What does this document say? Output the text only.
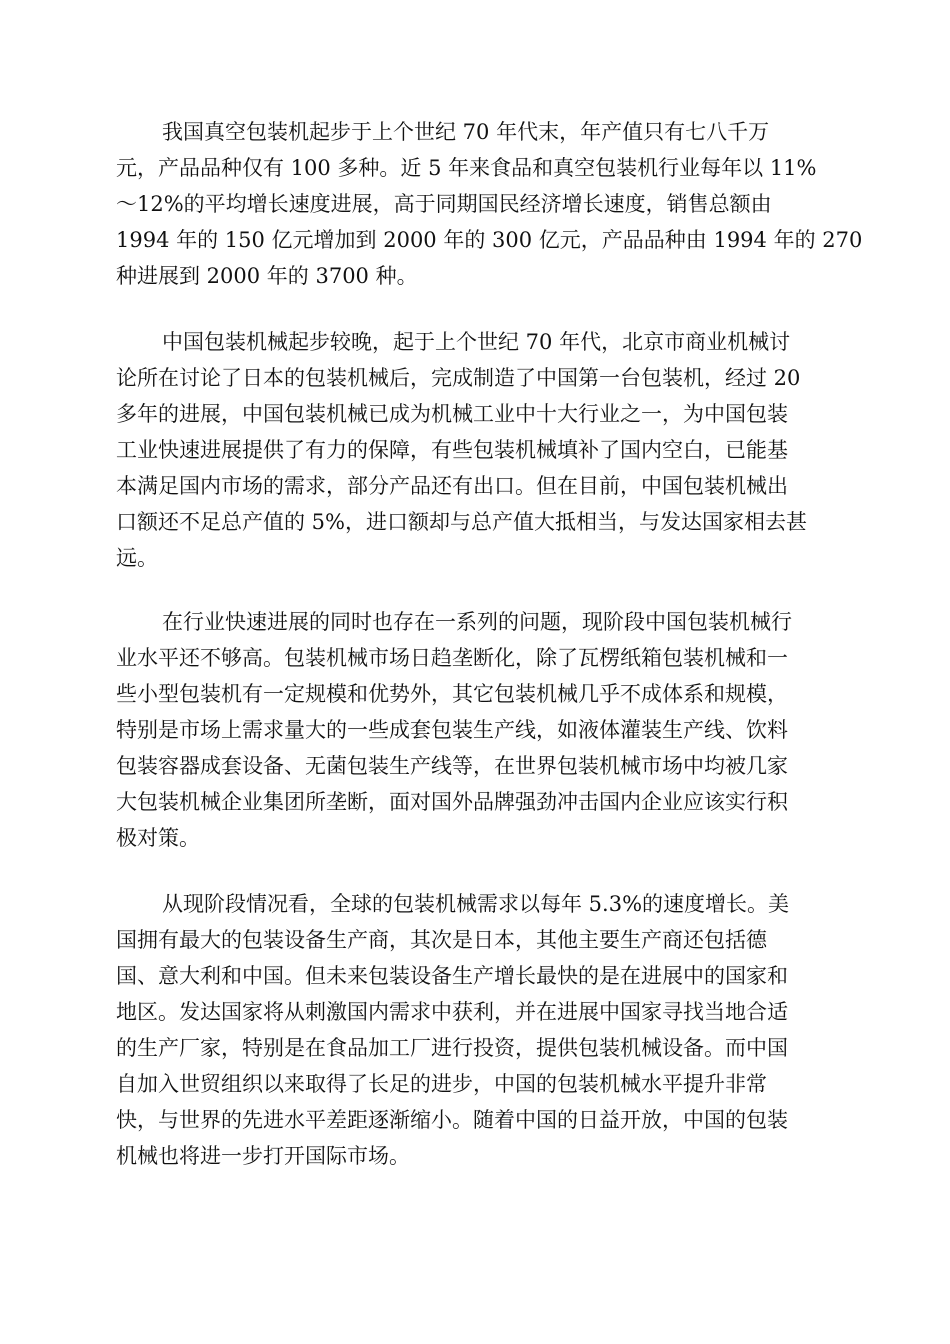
我国真空包装机起步于上个世纪 70 年代末，年产值只有七八千万
元，产品品种仅有 100 多种。近 5 年来食品和真空包装机行业每年以 11%
～12%的平均增长速度进展，高于同期国民经济增长速度，销售总额由
1994 年的 150 亿元增加到 2000 年的 300 亿元，产品品种由 1994 年的 270
种进展到 2000 年的 3700 种。
中国包装机械起步较晚，起于上个世纪 70 年代，北京市商业机械讨
论所在讨论了日本的包装机械后，完成制造了中国第一台包装机，经过 20
多年的进展，中国包装机械已成为机械工业中十大行业之一，为中国包装
工业快速进展提供了有力的保障，有些包装机械填补了国内空白，已能基
本满足国内市场的需求，部分产品还有出口。但在目前，中国包装机械出
口额还不足总产值的 5%，进口额却与总产值大抵相当，与发达国家相去甚
远。
在行业快速进展的同时也存在一系列的问题，现阶段中国包装机械行
业水平还不够高。包装机械市场日趋垄断化，除了瓦楞纸箱包装机械和一
些小型包装机有一定规模和优势外，其它包装机械几乎不成体系和规模，
特别是市场上需求量大的一些成套包装生产线，如液体灌装生产线、饮料
包装容器成套设备、无菌包装生产线等，在世界包装机械市场中均被几家
大包装机械企业集团所垄断，面对国外品牌强劲冲击国内企业应该实行积
极对策。
从现阶段情况看，全球的包装机械需求以每年 5.3%的速度增长。美
国拥有最大的包装设备生产商，其次是日本，其他主要生产商还包括德
国、意大利和中国。但未来包装设备生产增长最快的是在进展中的国家和
地区。发达国家将从刺激国内需求中获利，并在进展中国家寻找当地合适
的生产厂家，特别是在食品加工厂进行投资，提供包装机械设备。而中国
自加入世贸组织以来取得了长足的进步，中国的包装机械水平提升非常
快，与世界的先进水平差距逐渐缩小。随着中国的日益开放，中国的包装
机械也将进一步打开国际市场。
